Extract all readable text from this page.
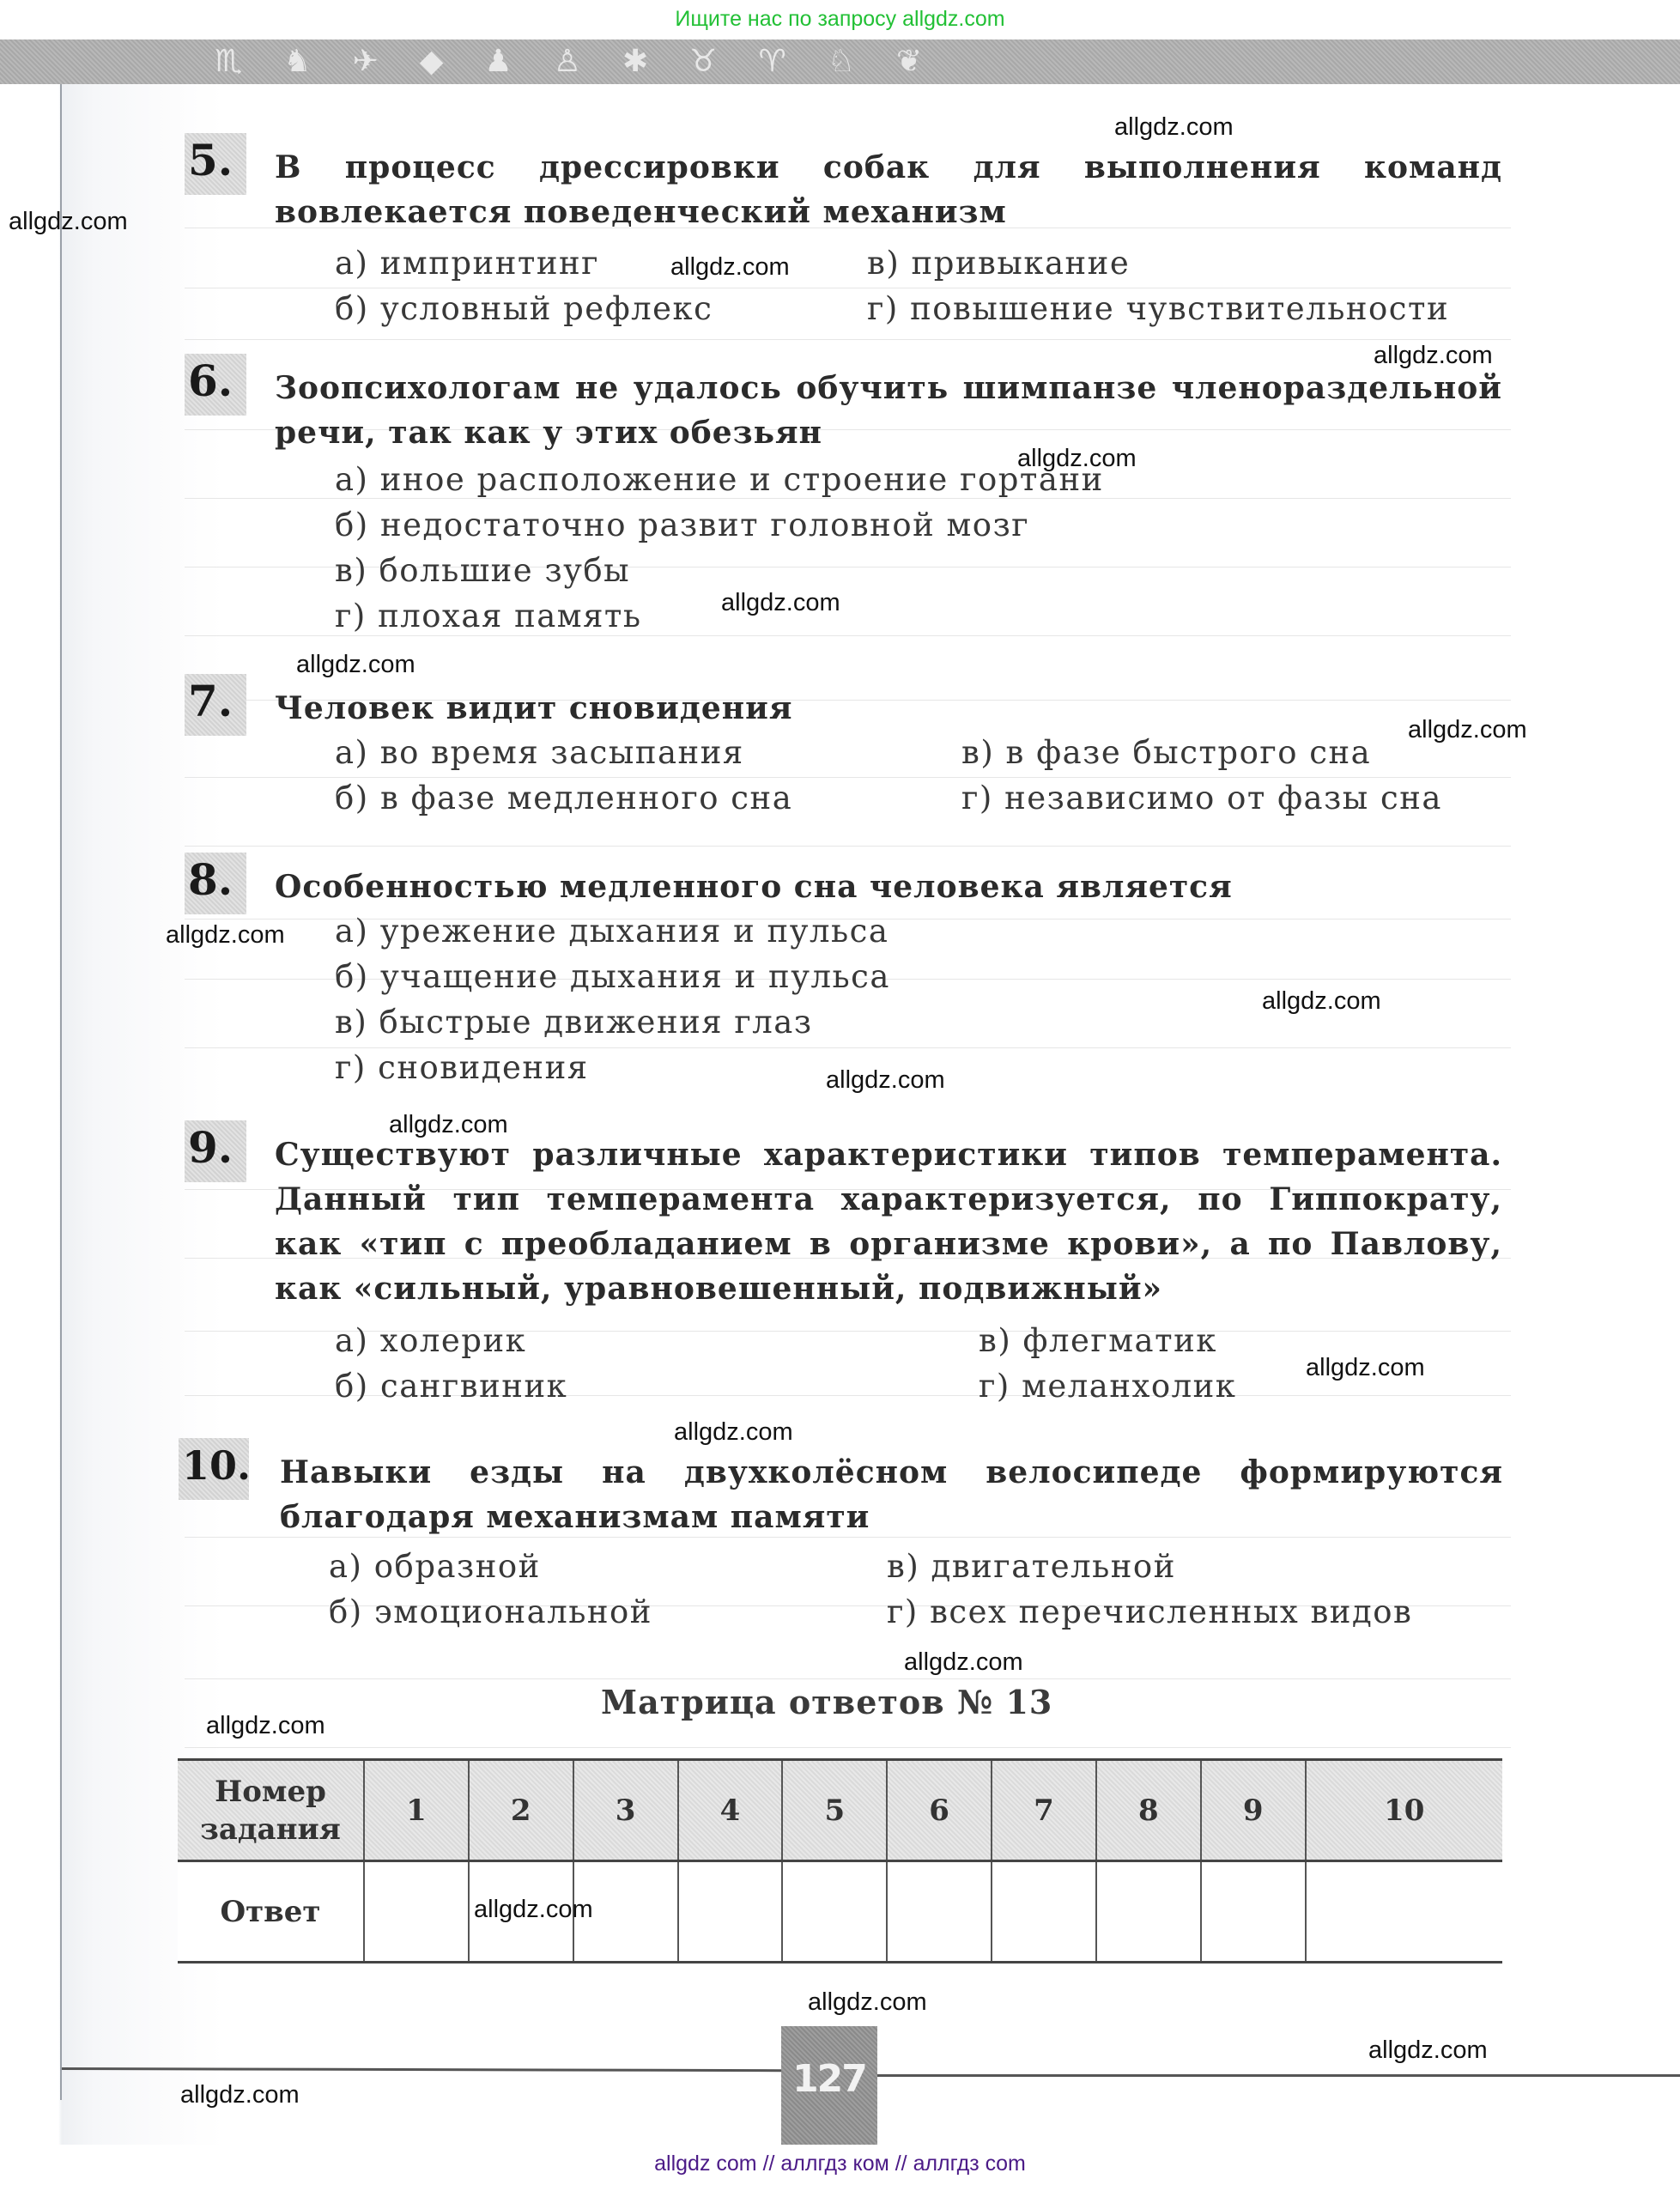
Ищите нас по запросу allgdz.com
♏ ♞ ✈ ◆ ♟ ♙ ✱ ♉ ♈ ♘ ❦
5.	В процесс дрессировки собак для выполнения команд вовлекается поведенческий механизм
а) импринтинг
б) условный рефлекс
в) привыкание
г) повышение чувствительности
6.	Зоопсихологам не удалось обучить шимпанзе членораздельной речи, так как у этих обезьян
а) иное расположение и строение гортани
б) недостаточно развит головной мозг
в) большие зубы
г) плохая память
7.	Человек видит сновидения
а) во время засыпания
б) в фазе медленного сна
в) в фазе быстрого сна
г) независимо от фазы сна
8.	Особенностью медленного сна человека является
а) урежение дыхания и пульса
б) учащение дыхания и пульса
в) быстрые движения глаз
г) сновидения
9.	Существуют различные характеристики типов темперамента. Данный тип темперамента характеризуется, по Гиппократу, как «тип с преобладанием в организме крови», а по Павлову, как «сильный, уравновешенный, подвижный»
а) холерик
б) сангвиник
в) флегматик
г) меланхолик
10. Навыки езды на двухколёсном велосипеде формируются благодаря механизмам памяти
а) образной
б) эмоциональной
в) двигательной
г) всех перечисленных видов
Матрица ответов № 13
Номер
задания	1	2	3	4	5	6	7	8	9	10
Ответ										
127
allgdz.com
allgdz.com
allgdz.com
allgdz.com
allgdz.com
allgdz.com
allgdz.com
allgdz.com
allgdz.com
allgdz.com
allgdz.com
allgdz.com
allgdz.com
allgdz.com
allgdz.com
allgdz.com
allgdz.com
allgdz.com
allgdz.com
allgdz.com
allgdz com // аллгдз ком // аллгдз com
